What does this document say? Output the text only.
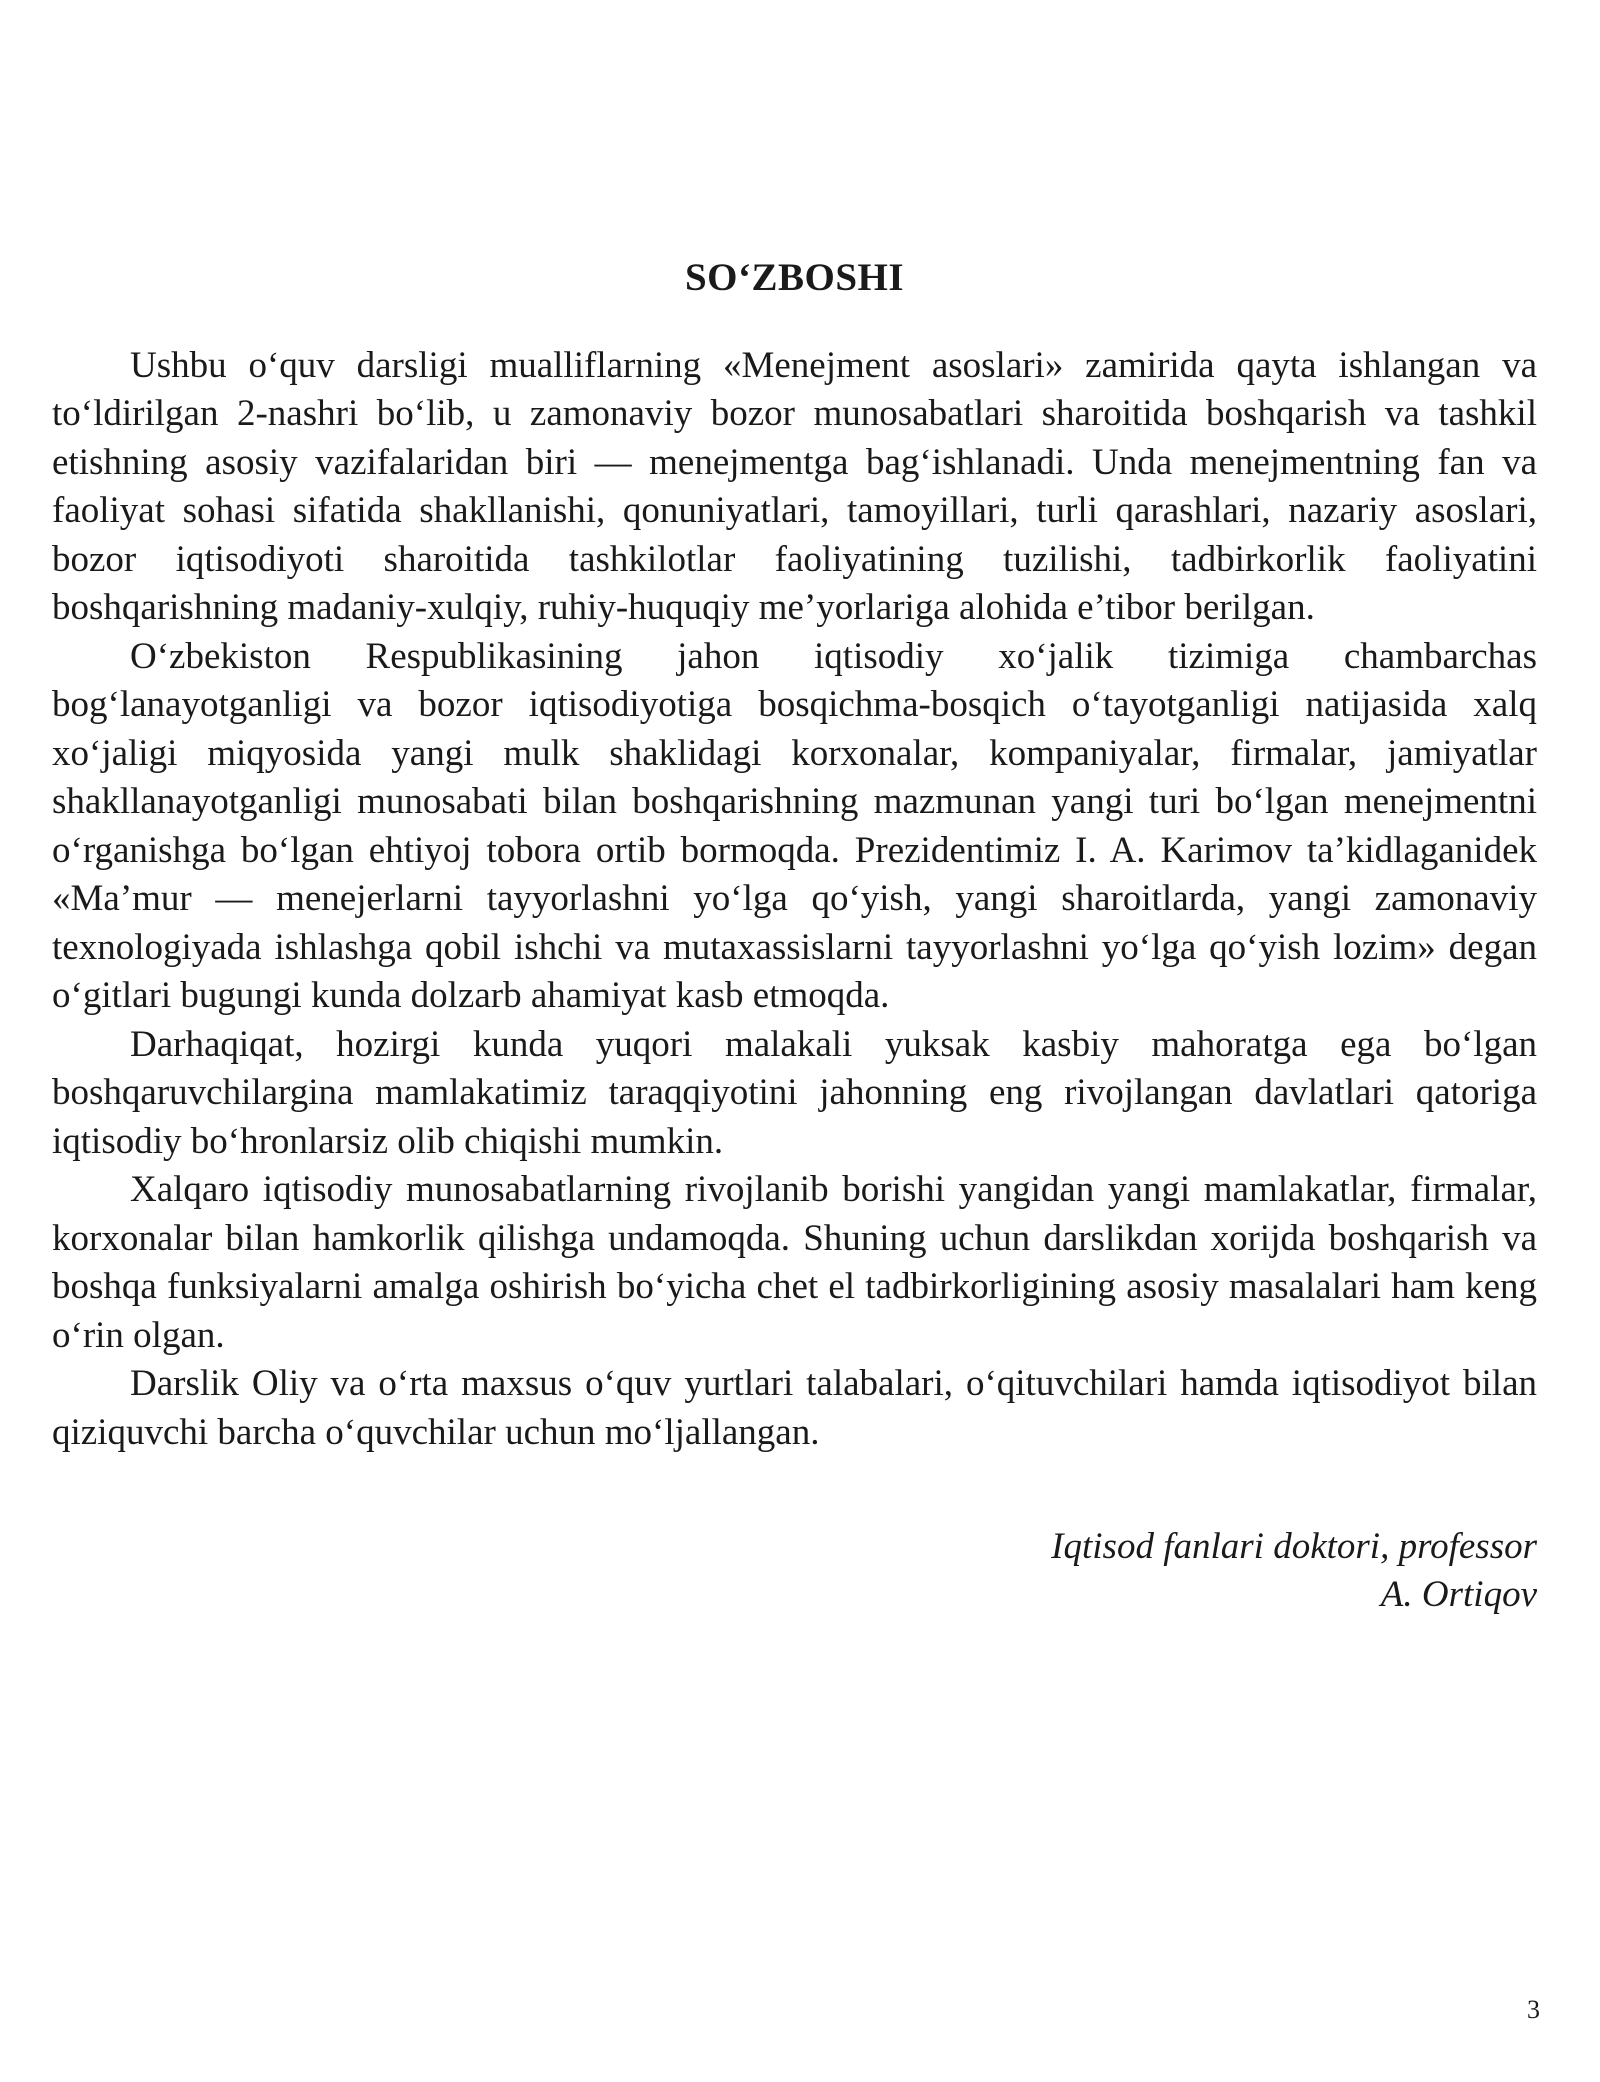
SO‘ZBOSHI

Ushbu o‘quv darsligi mualliflarning «Menejment asoslari» zamirida qayta ishlangan va to‘ldirilgan 2-nashri bo‘lib, u zamonaviy bozor munosabatlari sharoitida boshqarish va tashkil etishning asosiy vazifalaridan biri — menejmentga bag‘ishlanadi. Unda menejmentning fan va faoliyat sohasi sifatida shakllanishi, qonuniyatlari, tamoyillari, turli qarashlari, nazariy asoslari, bozor iqtisodiyoti sharoitida tashkilotlar faoliyatining tuzilishi, tadbirkorlik faoliyatini boshqarishning madaniy-xulqiy, ruhiy-huquqiy me’yorlariga alohida e’tibor berilgan.

O‘zbekiston Respublikasining jahon iqtisodiy xo‘jalik tizimiga chambarchas bog‘lanayotganligi va bozor iqtisodiyotiga bosqichma-bosqich o‘tayotganligi natijasida xalq xo‘jaligi miqyosida yangi mulk shaklidagi korxonalar, kompaniyalar, firmalar, jamiyatlar shakllanayotganligi munosabati bilan boshqarishning mazmunan yangi turi bo‘lgan menejmentni o‘rganishga bo‘lgan ehtiyoj tobora ortib bormoqda. Prezidentimiz I. A. Karimov ta’kidlaganidek «Ma’mur — menejerlarni tayyorlashni yo‘lga qo‘yish, yangi sharoitlarda, yangi zamonaviy texnologiyada ishlashga qobil ishchi va mutaxassislarni tayyorlashni yo‘lga qo‘yish lozim» degan o‘gitlari bugungi kunda dolzarb ahamiyat kasb etmoqda.

Darhaqiqat, hozirgi kunda yuqori malakali yuksak kasbiy mahoratga ega bo‘lgan boshqaruvchilargina mamlakatimiz taraqqiyotini jahonning eng rivojlangan davlatlari qatoriga iqtisodiy bo‘hronlarsiz olib chiqishi mumkin.

Xalqaro iqtisodiy munosabatlarning rivojlanib borishi yangidan yangi mamlakatlar, firmalar, korxonalar bilan hamkorlik qilishga undamoqda. Shuning uchun darslikdan xorijda boshqarish va boshqa funksiyalarni amalga oshirish bo‘yicha chet el tadbirkorligining asosiy masalalari ham keng o‘rin olgan.

Darslik Oliy va o‘rta maxsus o‘quv yurtlari talabalari, o‘qituvchilari hamda iqtisodiyot bilan qiziquvchi barcha o‘quvchilar uchun mo‘ljallangan.

Iqtisod fanlari doktori, professor
A. Ortiqov
3
